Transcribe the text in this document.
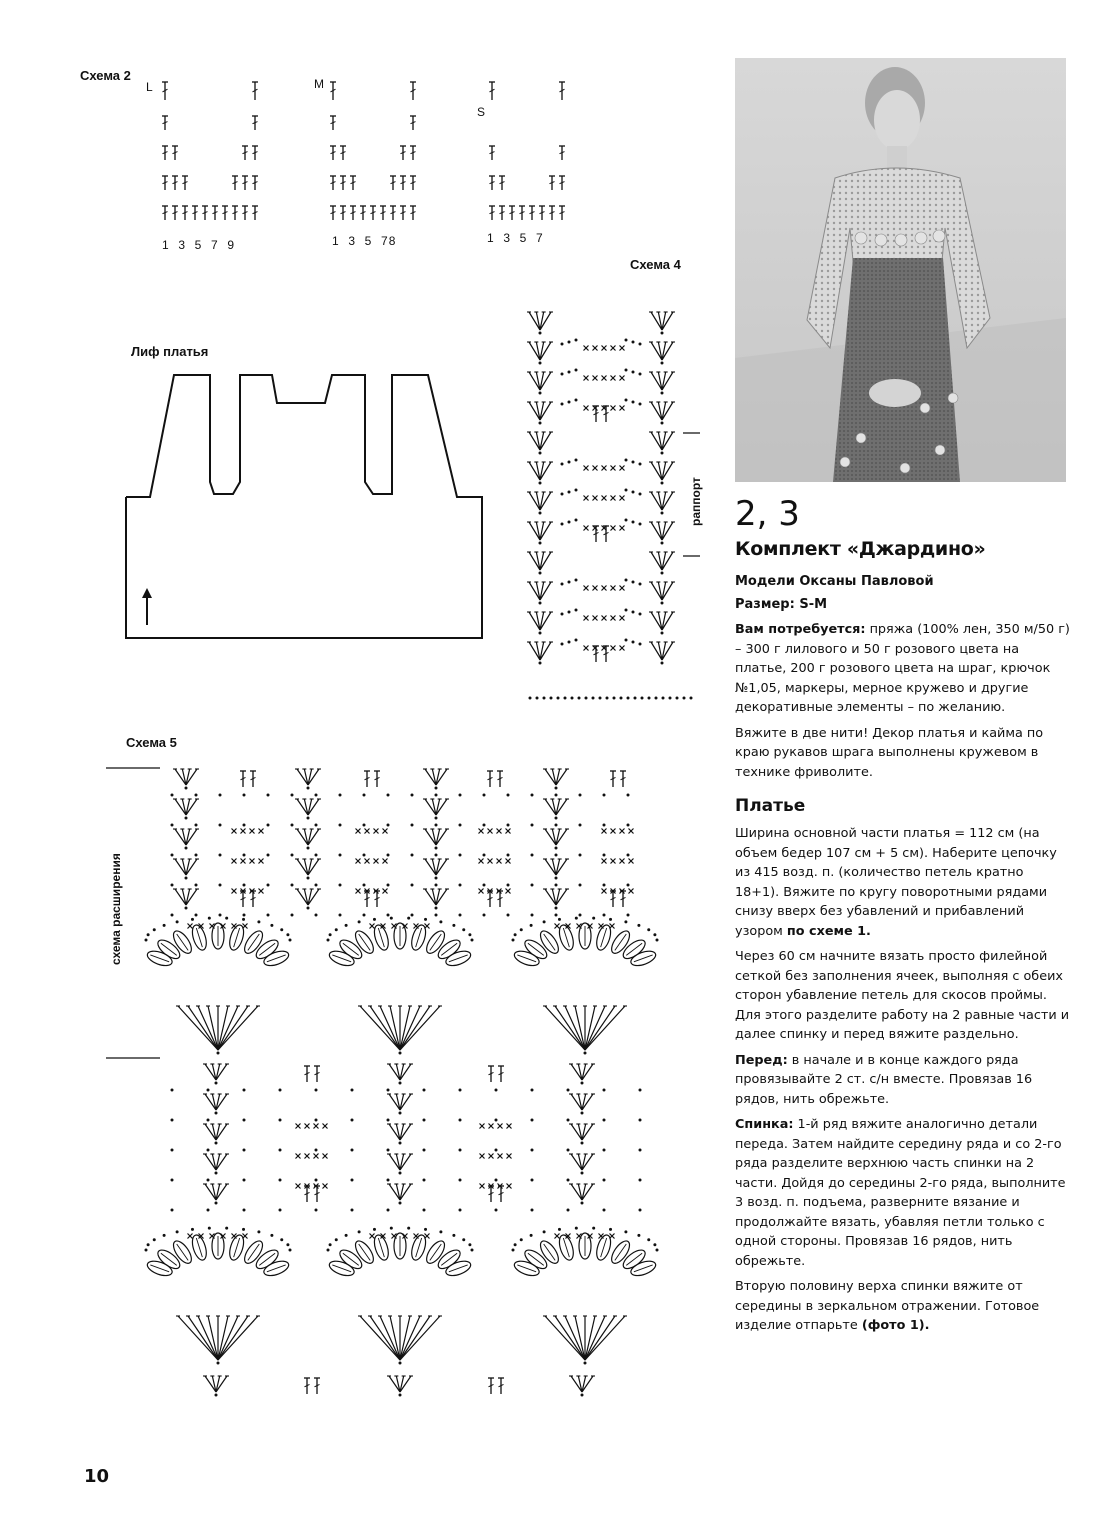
Схема 2
L	M
S
1  3  5  7  9	1  3  5  78	1  3  5  7
Лиф платья
Схема 4
раппорт
Схема 5
схема расширения
2, 3
Комплект «Джардино»
Модели Оксаны Павловой
Размер: S-M

Вам потребуется: пряжа (100% лен, 350 м/50 г) – 300 г лилового и 50 г розового цвета на платье, 200 г розового цвета на шраг, крючок №1,05, маркеры, мерное кружево и другие декоративные элементы – по желанию.

Вяжите в две нити! Декор платья и кайма по краю рукавов шрага выполнены кружевом в технике фриволите.

Платье

Ширина основной части платья = 112 см (на объем бедер 107 см + 5 см). Наберите цепочку из 415 возд. п. (количество петель кратно 18+1). Вяжите по кругу поворотными рядами снизу вверх без убавлений и прибавлений узором по схеме 1.

Через 60 см начните вязать просто филейной сеткой без заполнения ячеек, выполняя с обеих сторон убавление петель для скосов проймы. Для этого разделите работу на 2 равные части и далее спинку и перед вяжите раздельно.

Перед: в начале и в конце каждого ряда провязывайте 2 ст. с/н вместе. Провязав 16 рядов, нить обрежьте.

Спинка: 1-й ряд вяжите аналогично детали переда. Затем найдите середину ряда и со 2-го ряда разделите верхнюю часть спинки на 2 части. Дойдя до середины 2-го ряда, выполните 3 возд. п. подъема, разверните вязание и продолжайте вязать, убавляя петли только с одной стороны. Провязав 16 рядов, нить обрежьте.

Вторую половину верха спинки вяжите от середины в зеркальном отражении. Готовое изделие отпарьте (фото 1).

10
